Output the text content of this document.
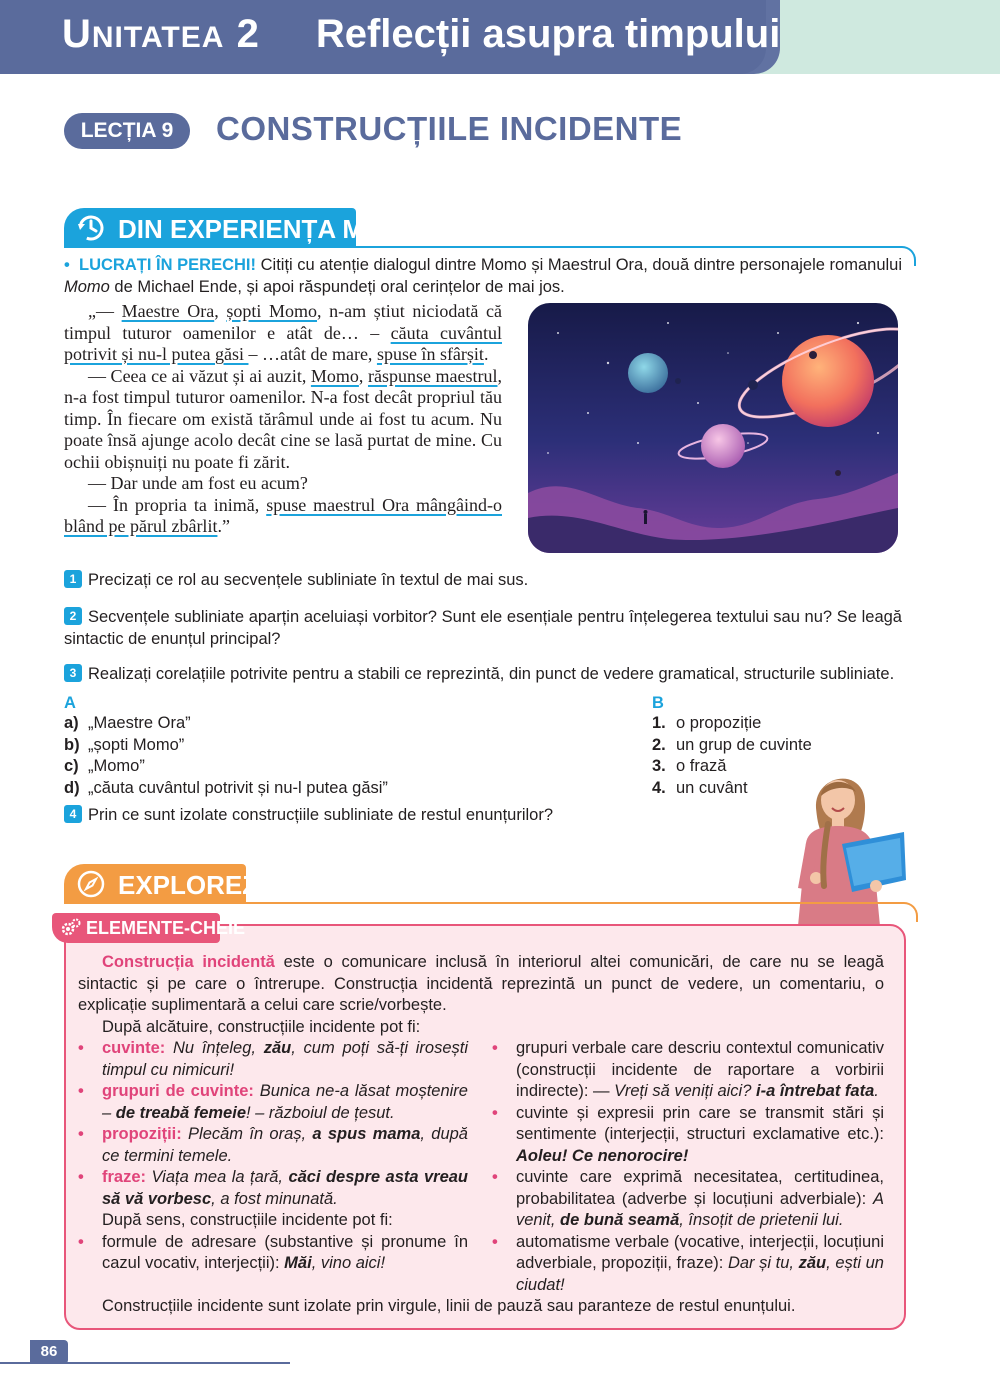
UNITATEA 2 Reflecții asupra timpului
LECȚIA 9	CONSTRUCȚIILE INCIDENTE
DIN EXPERIENȚA MEA
• LUCRAȚI ÎN PERECHI! Citiți cu atenție dialogul dintre Momo și Maestrul Ora, două dintre personajele romanului Momo de Michael Ende, și apoi răspundeți oral cerințelor de mai jos.

„— Maestre Ora, șopti Momo, n-am știut niciodată că timpul tuturor oamenilor e atât de… – căuta cuvântul potrivit și nu-l putea găsi – …atât de mare, spuse în sfârșit.

— Ceea ce ai văzut și ai auzit, Momo, răspunse maestrul, n-a fost timpul tuturor oamenilor. N-a fost decât propriul tău timp. În fiecare om există tărâmul unde ai fost tu acum. Nu poate însă ajunge acolo decât cine se lasă purtat de mine. Cu ochii obișnuiți nu poate fi zărit.

— Dar unde am fost eu acum?

— În propria ta inimă, spuse maestrul Ora mângâind-o blând pe părul zbârlit.”

1 Precizați ce rol au secvențele subliniate în textul de mai sus.
2 Secvențele subliniate aparțin aceluiași vorbitor? Sunt ele esențiale pentru înțelegerea textului sau nu? Se leagă sintactic de enunțul principal?
3 Realizați corelațiile potrivite pentru a stabili ce reprezintă, din punct de vedere gramatical, structurile subliniate.
A
a) „Maestre Ora”
b) „șopti Momo”
c) „Momo”
d) „căuta cuvântul potrivit și nu-l putea găsi”
B
1. o propoziție
2. un grup de cuvinte
3. o frază
4. un cuvânt
4 Prin ce sunt izolate construcțiile subliniate de restul enunțurilor?
EXPLOREZ
ELEMENTE-CHEIE

Construcția incidentă este o comunicare inclusă în interiorul altei comunicări, de care nu se leagă sintactic și pe care o întrerupe. Construcția incidentă reprezintă un punct de vedere, un comentariu, o explicație suplimentară a celui care scrie/vorbește.

După alcătuire, construcțiile incidente pot fi:

• cuvinte: Nu înțeleg, zău, cum poți să-ți irosești timpul cu nimicuri!

• grupuri de cuvinte: Bunica ne-a lăsat moștenire – de treabă femeie! – războiul de țesut.

• propoziții: Plecăm în oraș, a spus mama, după ce termini temele.

• fraze: Viața mea la țară, căci despre asta vreau să vă vorbesc, a fost minunată.

După sens, construcțiile incidente pot fi:

• formule de adresare (substantive și pronume în cazul vocativ, interjecții): Măi, vino aici!

• grupuri verbale care descriu contextul comunicativ (construcții incidente de raportare a vorbirii indirecte): — Vreți să veniți aici? i-a întrebat fata.

• cuvinte și expresii prin care se transmit stări și sentimente (interjecții, structuri exclamative etc.): Aoleu! Ce nenorocire!

• cuvinte care exprimă necesitatea, certitudinea, probabilitatea (adverbe și locuțiuni adverbiale): A venit, de bună seamă, însoțit de prietenii lui.

• automatisme verbale (vocative, interjecții, locuțiuni adverbiale, propoziții, fraze): Dar și tu, zău, ești un ciudat!

Construcțiile incidente sunt izolate prin virgule, linii de pauză sau paranteze de restul enunțului.
86
